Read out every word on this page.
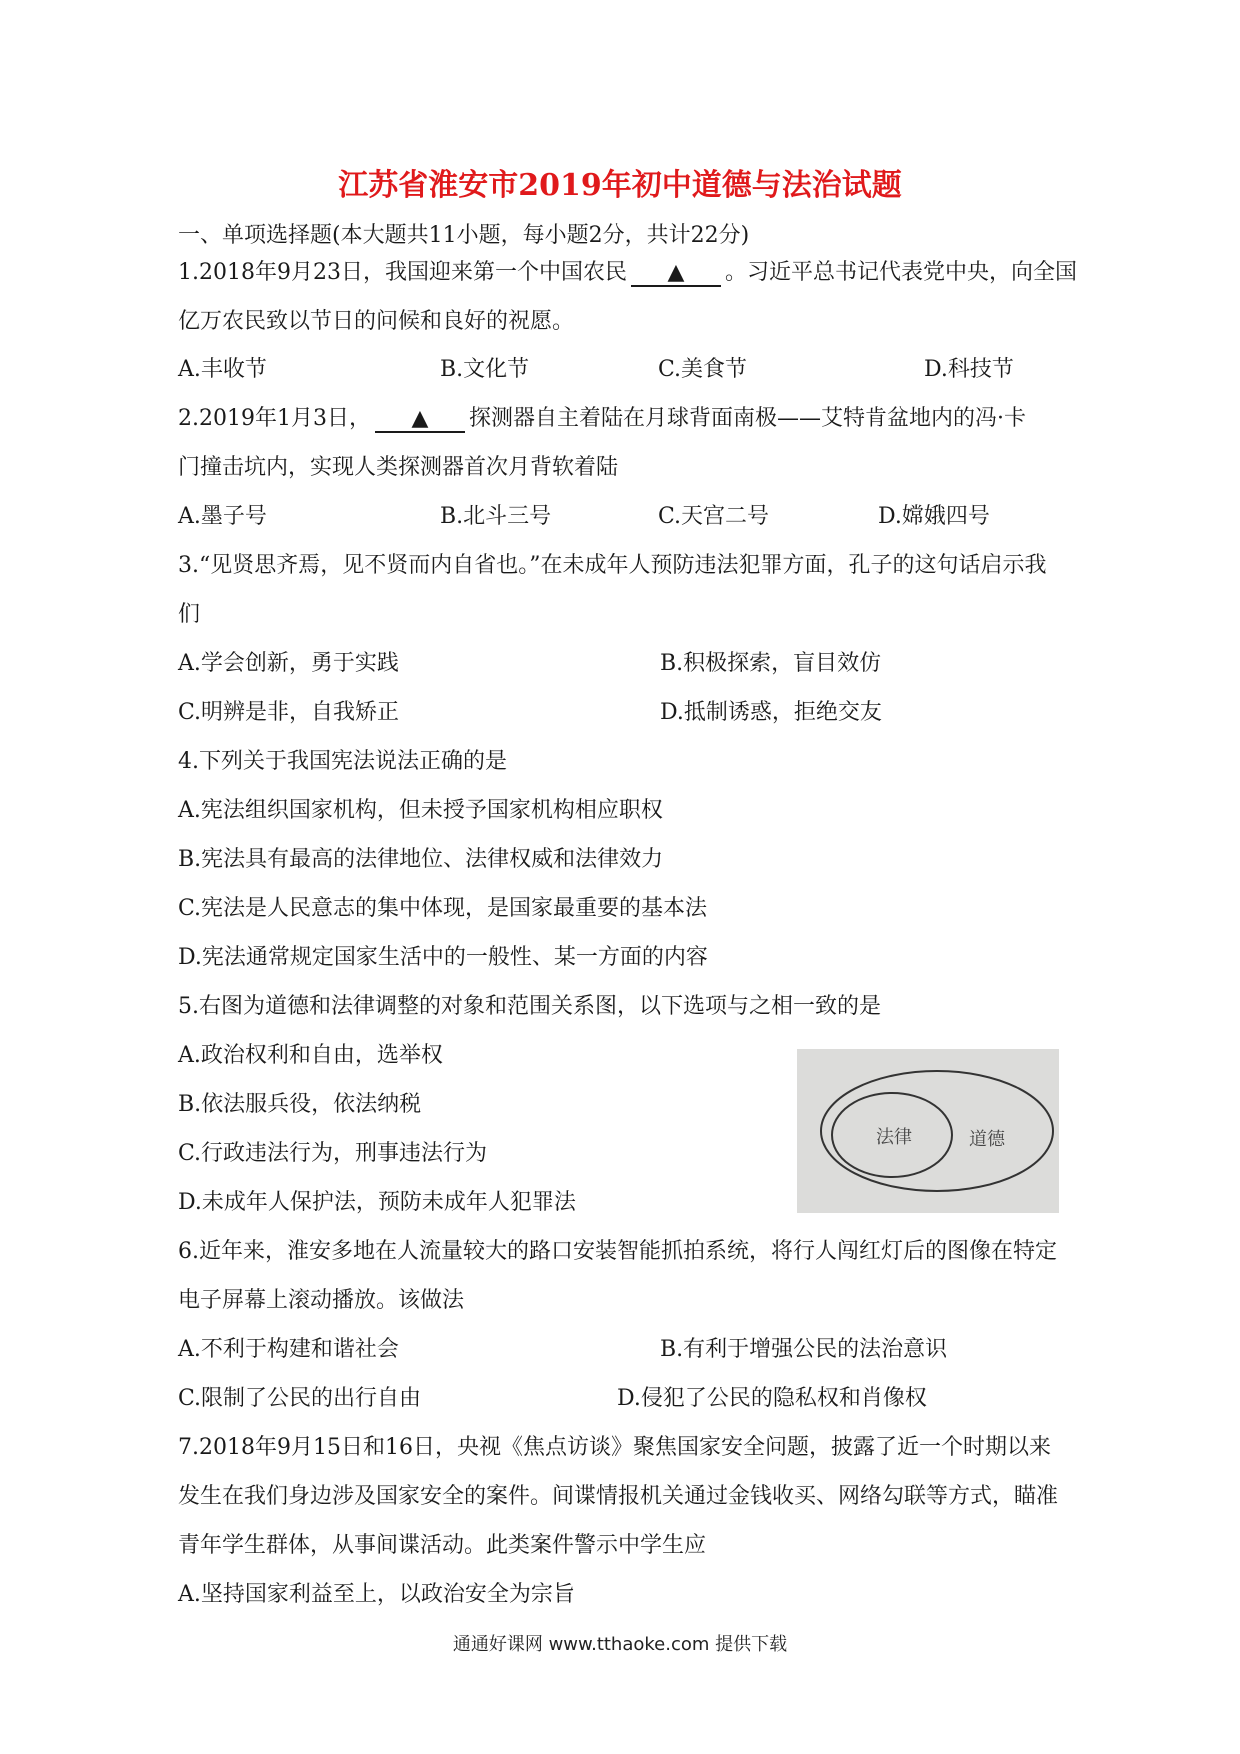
江苏省淮安市2019年初中道德与法治试题
一、单项选择题(本大题共11小题，每小题2分，共计22分)
1.2018年9月23日，我国迎来第一个中国农民 ▲ 。习近平总书记代表党中央，向全国
亿万农民致以节日的问候和良好的祝愿。
A.丰收节	B.文化节	C.美食节	D.科技节
2.2019年1月3日， ▲ 探测器自主着陆在月球背面南极——艾特肯盆地内的冯·卡
门撞击坑内，实现人类探测器首次月背软着陆
A.墨子号	B.北斗三号	C.天宫二号	D.嫦娥四号
3.“见贤思齐焉，见不贤而内自省也。”在未成年人预防违法犯罪方面，孔子的这句话启示我
们
A.学会创新，勇于实践	B.积极探索，盲目效仿
C.明辨是非，自我矫正	D.抵制诱惑，拒绝交友
4.下列关于我国宪法说法正确的是
A.宪法组织国家机构，但未授予国家机构相应职权
B.宪法具有最高的法律地位、法律权威和法律效力
C.宪法是人民意志的集中体现，是国家最重要的基本法
D.宪法通常规定国家生活中的一般性、某一方面的内容
5.右图为道德和法律调整的对象和范围关系图，以下选项与之相一致的是
A.政治权利和自由，选举权
B.依法服兵役，依法纳税
C.行政违法行为，刑事违法行为
D.未成年人保护法，预防未成年人犯罪法
法律	道德
6.近年来，淮安多地在人流量较大的路口安装智能抓拍系统，将行人闯红灯后的图像在特定
电子屏幕上滚动播放。该做法
A.不利于构建和谐社会	B.有利于增强公民的法治意识
C.限制了公民的出行自由	D.侵犯了公民的隐私权和肖像权
7.2018年9月15日和16日，央视《焦点访谈》聚焦国家安全问题，披露了近一个时期以来
发生在我们身边涉及国家安全的案件。间谍情报机关通过金钱收买、网络勾联等方式，瞄准
青年学生群体，从事间谍活动。此类案件警示中学生应
A.坚持国家利益至上，以政治安全为宗旨
通通好课网 www.tthaoke.com 提供下载
